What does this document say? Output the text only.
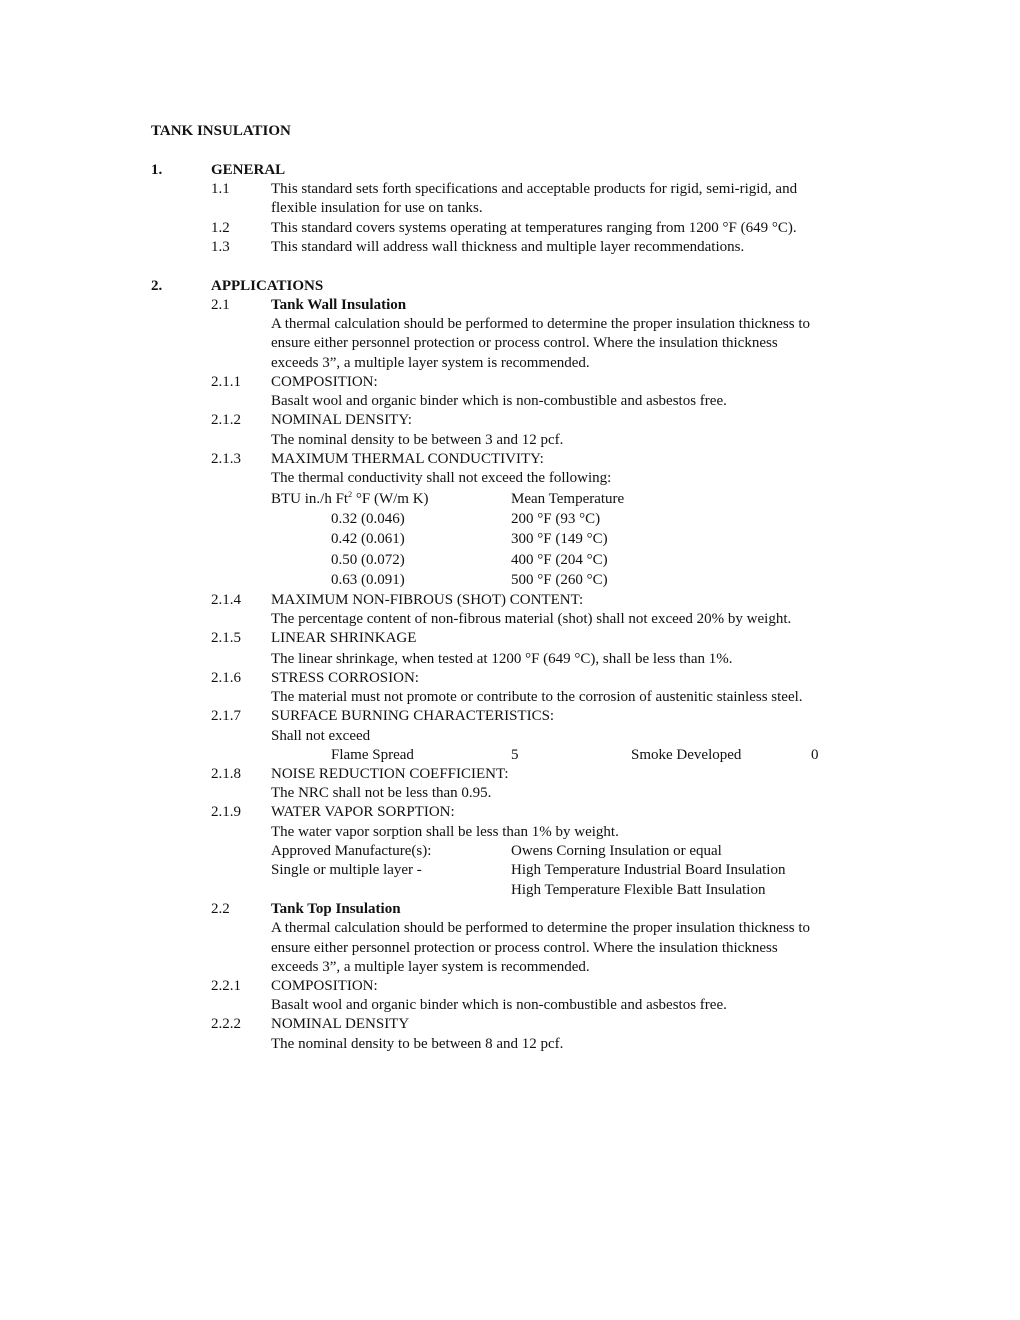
TANK INSULATION
1.	GENERAL
1.1	This standard sets forth specifications and acceptable products for rigid, semi-rigid, and
flexible insulation for use on tanks.
1.2	This standard covers systems operating at temperatures ranging from 1200 °F (649 °C).
1.3	This standard will address wall thickness and multiple layer recommendations.
2.	APPLICATIONS
2.1	Tank Wall Insulation
A thermal calculation should be performed to determine the proper insulation thickness to
ensure either personnel protection or process control. Where the insulation thickness
exceeds 3”, a multiple layer system is recommended.
2.1.1 COMPOSITION:
Basalt wool and organic binder which is non-combustible and asbestos free.
2.1.2 NOMINAL DENSITY:
The nominal density to be between 3 and 12 pcf.
2.1.3 MAXIMUM THERMAL CONDUCTIVITY:
The thermal conductivity shall not exceed the following:
BTU in./h Ft$^2$ °F (W/m K)	Mean Temperature
0.32 (0.046)	200 °F (93 °C)
0.42 (0.061)	300 °F (149 °C)
0.50 (0.072)	400 °F (204 °C)
0.63 (0.091)	500 °F (260 °C)
2.1.4 MAXIMUM NON-FIBROUS (SHOT) CONTENT:
The percentage content of non-fibrous material (shot) shall not exceed 20% by weight.
2.1.5 LINEAR SHRINKAGE
The linear shrinkage, when tested at 1200 °F (649 °C), shall be less than 1%.
2.1.6 STRESS CORROSION:
The material must not promote or contribute to the corrosion of austenitic stainless steel.
2.1.7 SURFACE BURNING CHARACTERISTICS:
Shall not exceed
Flame Spread	5	Smoke Developed	0
2.1.8 NOISE REDUCTION COEFFICIENT:
The NRC shall not be less than 0.95.
2.1.9 WATER VAPOR SORPTION:
The water vapor sorption shall be less than 1% by weight.
Approved Manufacture(s):	Owens Corning Insulation or equal
Single or multiple layer -	High Temperature Industrial Board Insulation
High Temperature Flexible Batt Insulation
2.2	Tank Top Insulation
A thermal calculation should be performed to determine the proper insulation thickness to
ensure either personnel protection or process control. Where the insulation thickness
exceeds 3”, a multiple layer system is recommended.
2.2.1 COMPOSITION:
Basalt wool and organic binder which is non-combustible and asbestos free.
2.2.2 NOMINAL DENSITY
The nominal density to be between 8 and 12 pcf.
